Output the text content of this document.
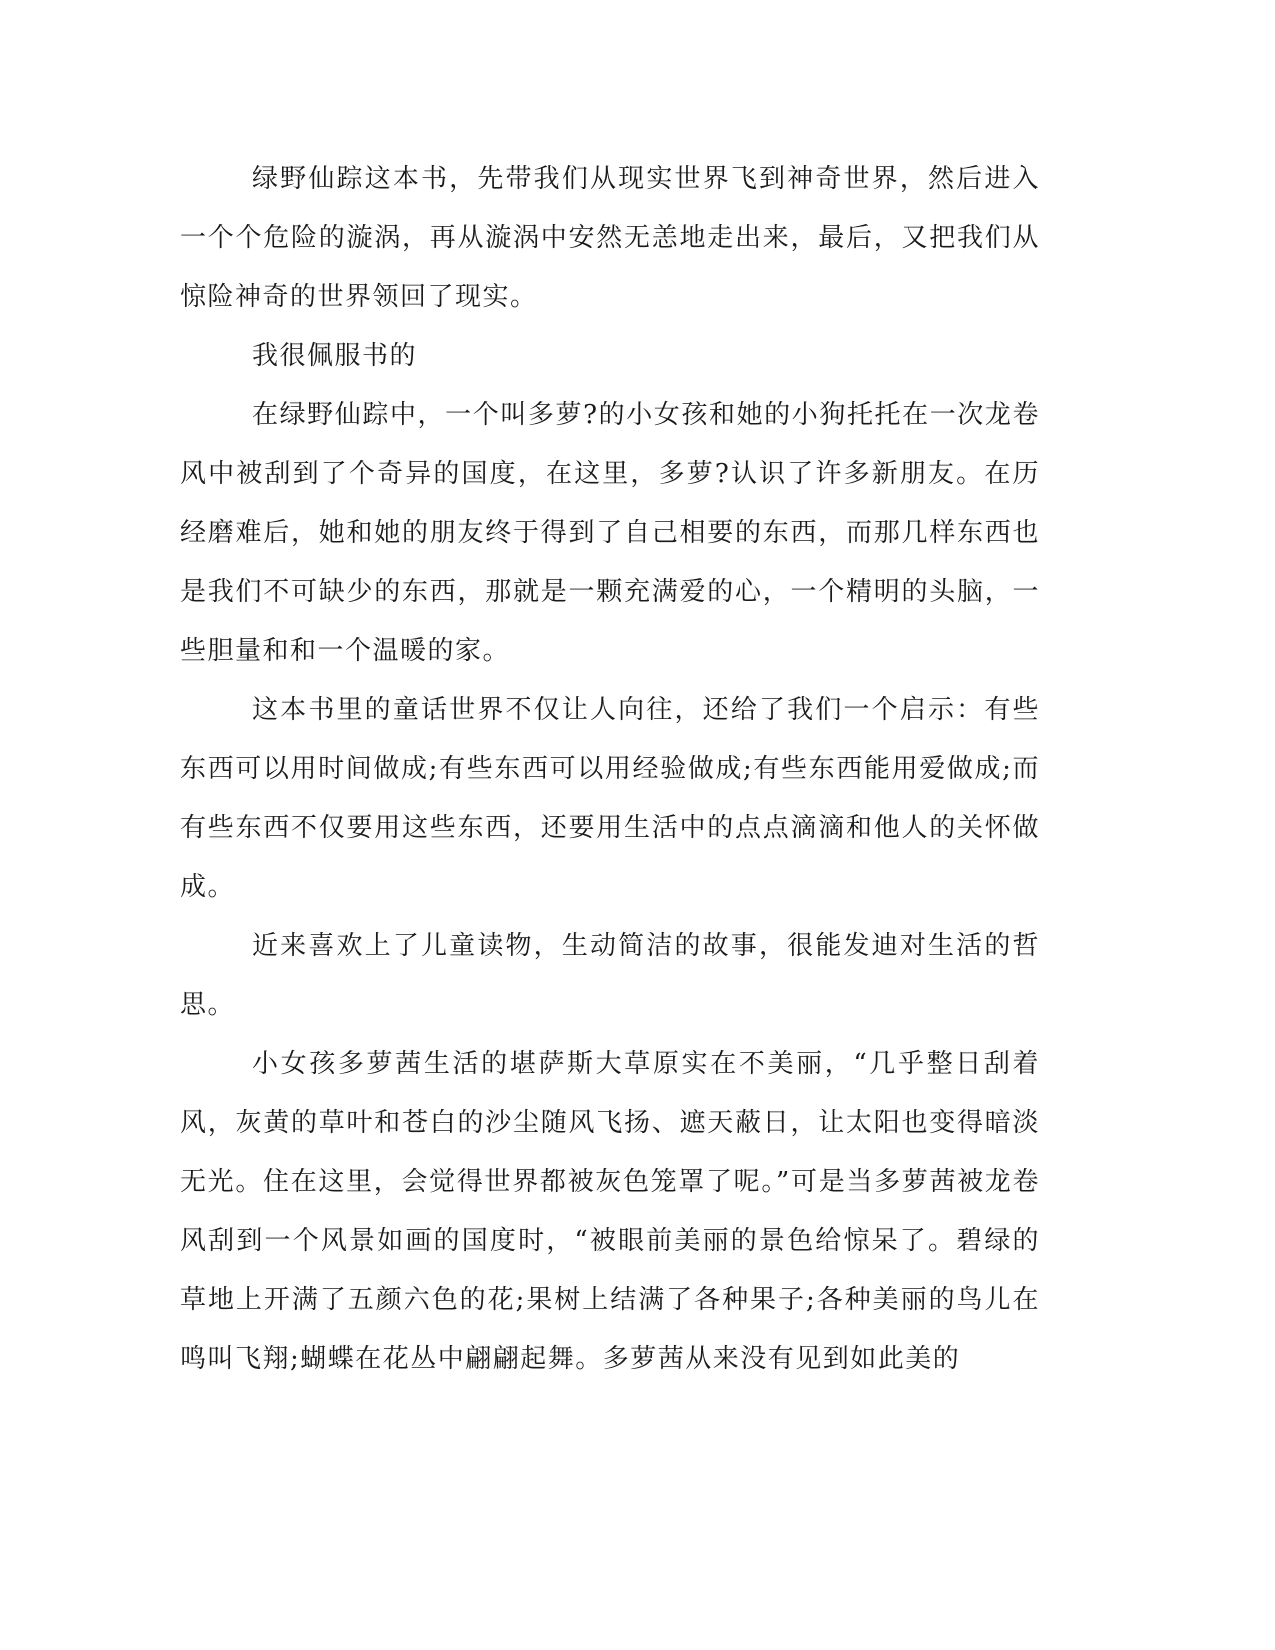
绿野仙踪这本书，先带我们从现实世界飞到神奇世界，然后进入一个个危险的漩涡，再从漩涡中安然无恙地走出来，最后，又把我们从惊险神奇的世界领回了现实。

我很佩服书的

在绿野仙踪中，一个叫多萝?的小女孩和她的小狗托托在一次龙卷风中被刮到了个奇异的国度，在这里，多萝?认识了许多新朋友。在历经磨难后，她和她的朋友终于得到了自己相要的东西，而那几样东西也是我们不可缺少的东西，那就是一颗充满爱的心，一个精明的头脑，一些胆量和和一个温暖的家。

这本书里的童话世界不仅让人向往，还给了我们一个启示：有些东西可以用时间做成;有些东西可以用经验做成;有些东西能用爱做成;而有些东西不仅要用这些东西，还要用生活中的点点滴滴和他人的关怀做成。

近来喜欢上了儿童读物，生动简洁的故事，很能发迪对生活的哲思。

小女孩多萝茜生活的堪萨斯大草原实在不美丽，“几乎整日刮着风，灰黄的草叶和苍白的沙尘随风飞扬、遮天蔽日，让太阳也变得暗淡无光。住在这里，会觉得世界都被灰色笼罩了呢。”可是当多萝茜被龙卷风刮到一个风景如画的国度时，“被眼前美丽的景色给惊呆了。碧绿的草地上开满了五颜六色的花;果树上结满了各种果子;各种美丽的鸟儿在鸣叫飞翔;蝴蝶在花丛中翩翩起舞。多萝茜从来没有见到如此美的
